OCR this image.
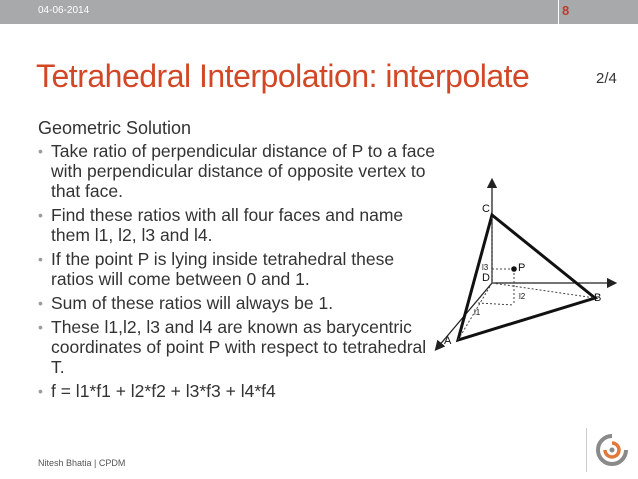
04-06-2014	8
Tetrahedral Interpolation: interpolate	2/4
Geometric Solution
• Take ratio of perpendicular distance of P to a face with perpendicular distance of opposite vertex to that face.
• Find these ratios with all four faces and name them l1, l2, l3 and l4.
• If the point P is lying inside tetrahedral these ratios will come between 0 and 1.
• Sum of these ratios will always be 1.
• These l1,l2, l3 and l4 are known as barycentric coordinates of point P with respect to tetrahedral T.
• f = l1*f1 + l2*f2 + l3*f3 + l4*f4
C
D
B
A
P
l3
l2
l1
Nitesh Bhatia | CPDM
